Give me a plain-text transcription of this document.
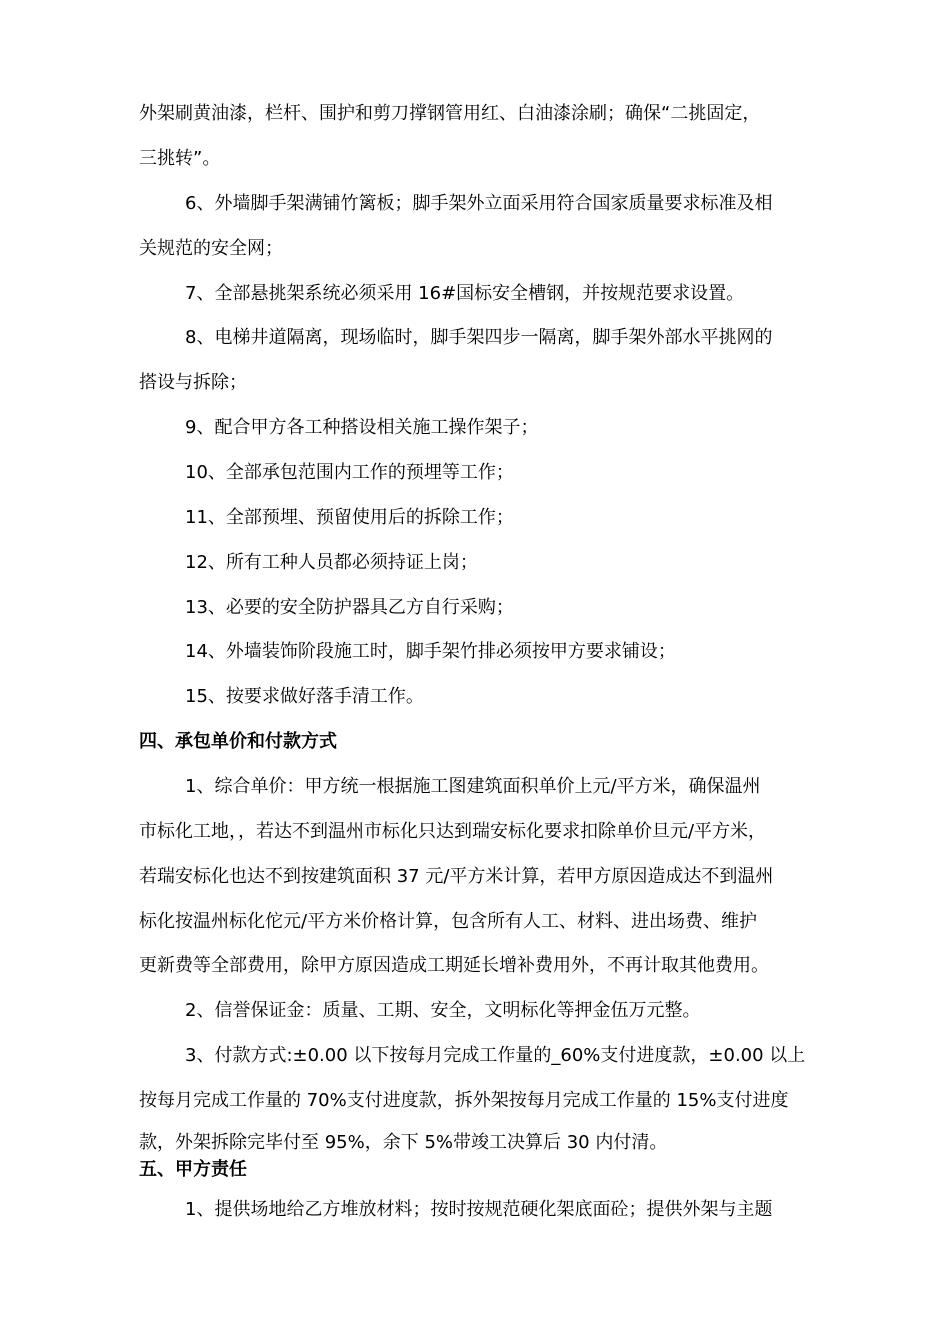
外架刷黄油漆，栏杆、围护和剪刀撑钢管用红、白油漆涂刷；确保“二挑固定，
三挑转”。
6、外墙脚手架满铺竹篱板；脚手架外立面采用符合国家质量要求标准及相
关规范的安全网；
7、全部悬挑架系统必须采用 16#国标安全槽钢，并按规范要求设置。
8、电梯井道隔离，现场临时，脚手架四步一隔离，脚手架外部水平挑网的
搭设与拆除；
9、配合甲方各工种搭设相关施工操作架子；
10、全部承包范围内工作的预埋等工作；
11、全部预埋、预留使用后的拆除工作；
12、所有工种人员都必须持证上岗；
13、必要的安全防护器具乙方自行采购；
14、外墙装饰阶段施工时，脚手架竹排必须按甲方要求铺设；
15、按要求做好落手清工作。
四、承包单价和付款方式
1、综合单价：甲方统一根据施工图建筑面积单价上元/平方米，确保温州
市标化工地，，若达不到温州市标化只达到瑞安标化要求扣除单价旦元/平方米，
若瑞安标化也达不到按建筑面积 37 元/平方米计算，若甲方原因造成达不到温州
标化按温州标化佗元/平方米价格计算，包含所有人工、材料、进出场费、维护
更新费等全部费用，除甲方原因造成工期延长增补费用外，不再计取其他费用。
2、信誉保证金：质量、工期、安全，文明标化等押金伍万元整。
3、付款方式:±0.00 以下按每月完成工作量的_60%支付进度款，±0.00 以上
按每月完成工作量的 70%支付进度款，拆外架按每月完成工作量的 15%支付进度
款，外架拆除完毕付至 95%，余下 5%带竣工决算后 30 内付清。
五、甲方责任
1、提供场地给乙方堆放材料；按时按规范硬化架底面砼；提供外架与主题
